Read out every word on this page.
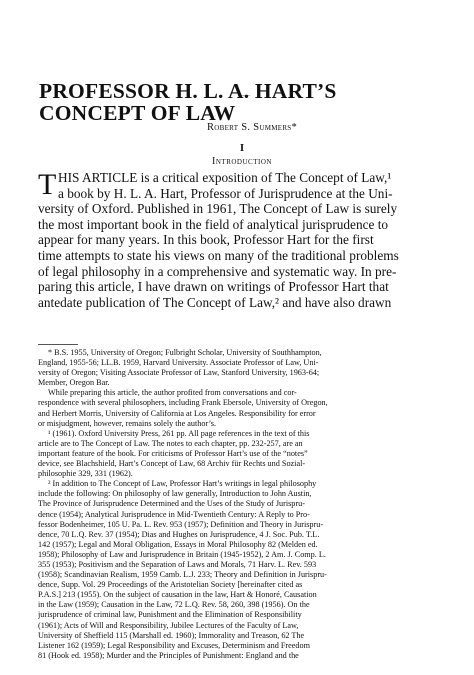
PROFESSOR H. L. A. HART’S
CONCEPT OF LAW
Robert S. Summers*
I
Introduction
T HIS ARTICLE is a critical exposition of The Concept of Law,¹
a book by H. L. A. Hart, Professor of Jurisprudence at the Uni-
versity of Oxford. Published in 1961, The Concept of Law is surely
the most important book in the field of analytical jurisprudence to
appear for many years. In this book, Professor Hart for the first
time attempts to state his views on many of the traditional problems
of legal philosophy in a comprehensive and systematic way. In pre-
paring this article, I have drawn on writings of Professor Hart that
antedate publication of The Concept of Law,² and have also drawn
* B.S. 1955, University of Oregon; Fulbright Scholar, University of Southhampton,
England, 1955-56; LL.B. 1959, Harvard University. Associate Professor of Law, Uni-
versity of Oregon; Visiting Associate Professor of Law, Stanford University, 1963-64;
Member, Oregon Bar.
While preparing this article, the author profited from conversations and cor-
respondence with several philosophers, including Frank Ebersole, University of Oregon,
and Herbert Morris, University of California at Los Angeles. Responsibility for error
or misjudgment, however, remains solely the author’s.
¹ (1961). Oxford University Press, 261 pp. All page references in the text of this
article are to The Concept of Law. The notes to each chapter, pp. 232-257, are an
important feature of the book. For criticisms of Professor Hart’s use of the “notes”
device, see Blachshield, Hart’s Concept of Law, 68 Archiv für Rechts und Sozial-
philosophie 329, 331 (1962).
² In addition to The Concept of Law, Professor Hart’s writings in legal philosophy
include the following: On philosophy of law generally, Introduction to John Austin,
The Province of Jurisprudence Determined and the Uses of the Study of Jurispru-
dence (1954); Analytical Jurisprudence in Mid-Twentieth Century: A Reply to Pro-
fessor Bodenheimer, 105 U. Pa. L. Rev. 953 (1957); Definition and Theory in Jurispru-
dence, 70 L.Q. Rev. 37 (1954); Dias and Hughes on Jurisprudence, 4 J. Soc. Pub. T.L.
142 (1957); Legal and Moral Obligation, Essays in Moral Philosophy 82 (Melden ed.
1958); Philosophy of Law and Jurisprudence in Britain (1945-1952), 2 Am. J. Comp. L.
355 (1953); Positivism and the Separation of Laws and Morals, 71 Harv. L. Rev. 593
(1958); Scandinavian Realism, 1959 Camb. L.J. 233; Theory and Definition in Jurispru-
dence, Supp. Vol. 29 Proceedings of the Aristotelian Society [hereinafter cited as
P.A.S.] 213 (1955). On the subject of causation in the law, Hart & Honoré, Causation
in the Law (1959); Causation in the Law, 72 L.Q. Rev. 58, 260, 398 (1956). On the
jurisprudence of criminal law, Punishment and the Elimination of Responsibility
(1961); Acts of Will and Responsibility, Jubilee Lectures of the Faculty of Law,
University of Sheffield 115 (Marshall ed. 1960); Immorality and Treason, 62 The
Listener 162 (1959); Legal Responsibility and Excuses, Determinism and Freedom
81 (Hook ed. 1958); Murder and the Principles of Punishment: England and the
